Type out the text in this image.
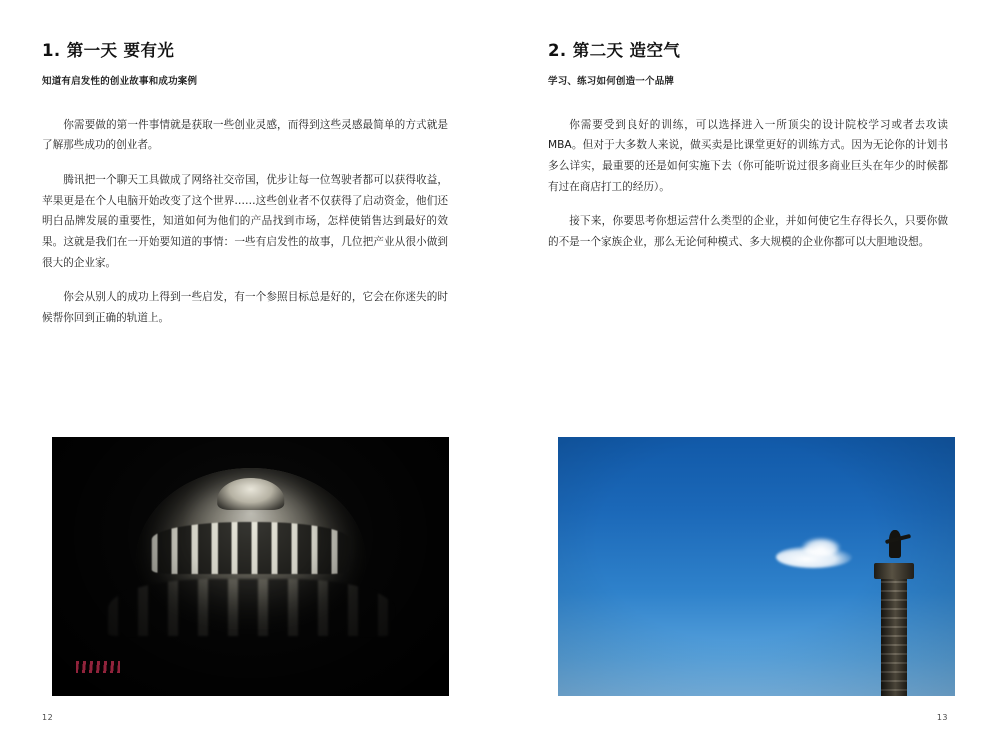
1. 第一天 要有光
知道有启发性的创业故事和成功案例

你需要做的第一件事情就是获取一些创业灵感，而得到这些灵感最简单的方式就是了解那些成功的创业者。

腾讯把一个聊天工具做成了网络社交帝国，优步让每一位驾驶者都可以获得收益，苹果更是在个人电脑开始改变了这个世界……这些创业者不仅获得了启动资金，他们还明白品牌发展的重要性，知道如何为他们的产品找到市场，怎样使销售达到最好的效果。这就是我们在一开始要知道的事情：一些有启发性的故事，几位把产业从很小做到很大的企业家。

你会从别人的成功上得到一些启发，有一个参照目标总是好的，它会在你迷失的时候帮你回到正确的轨道上。

12
2. 第二天 造空气
学习、练习如何创造一个品牌

你需要受到良好的训练，可以选择进入一所顶尖的设计院校学习或者去攻读 MBA。但对于大多数人来说，做买卖是比课堂更好的训练方式。因为无论你的计划书多么详实，最重要的还是如何实施下去（你可能听说过很多商业巨头在年少的时候都有过在商店打工的经历）。

接下来，你要思考你想运营什么类型的企业，并如何使它生存得长久，只要你做的不是一个家族企业，那么无论何种模式、多大规模的企业你都可以大胆地设想。

13
